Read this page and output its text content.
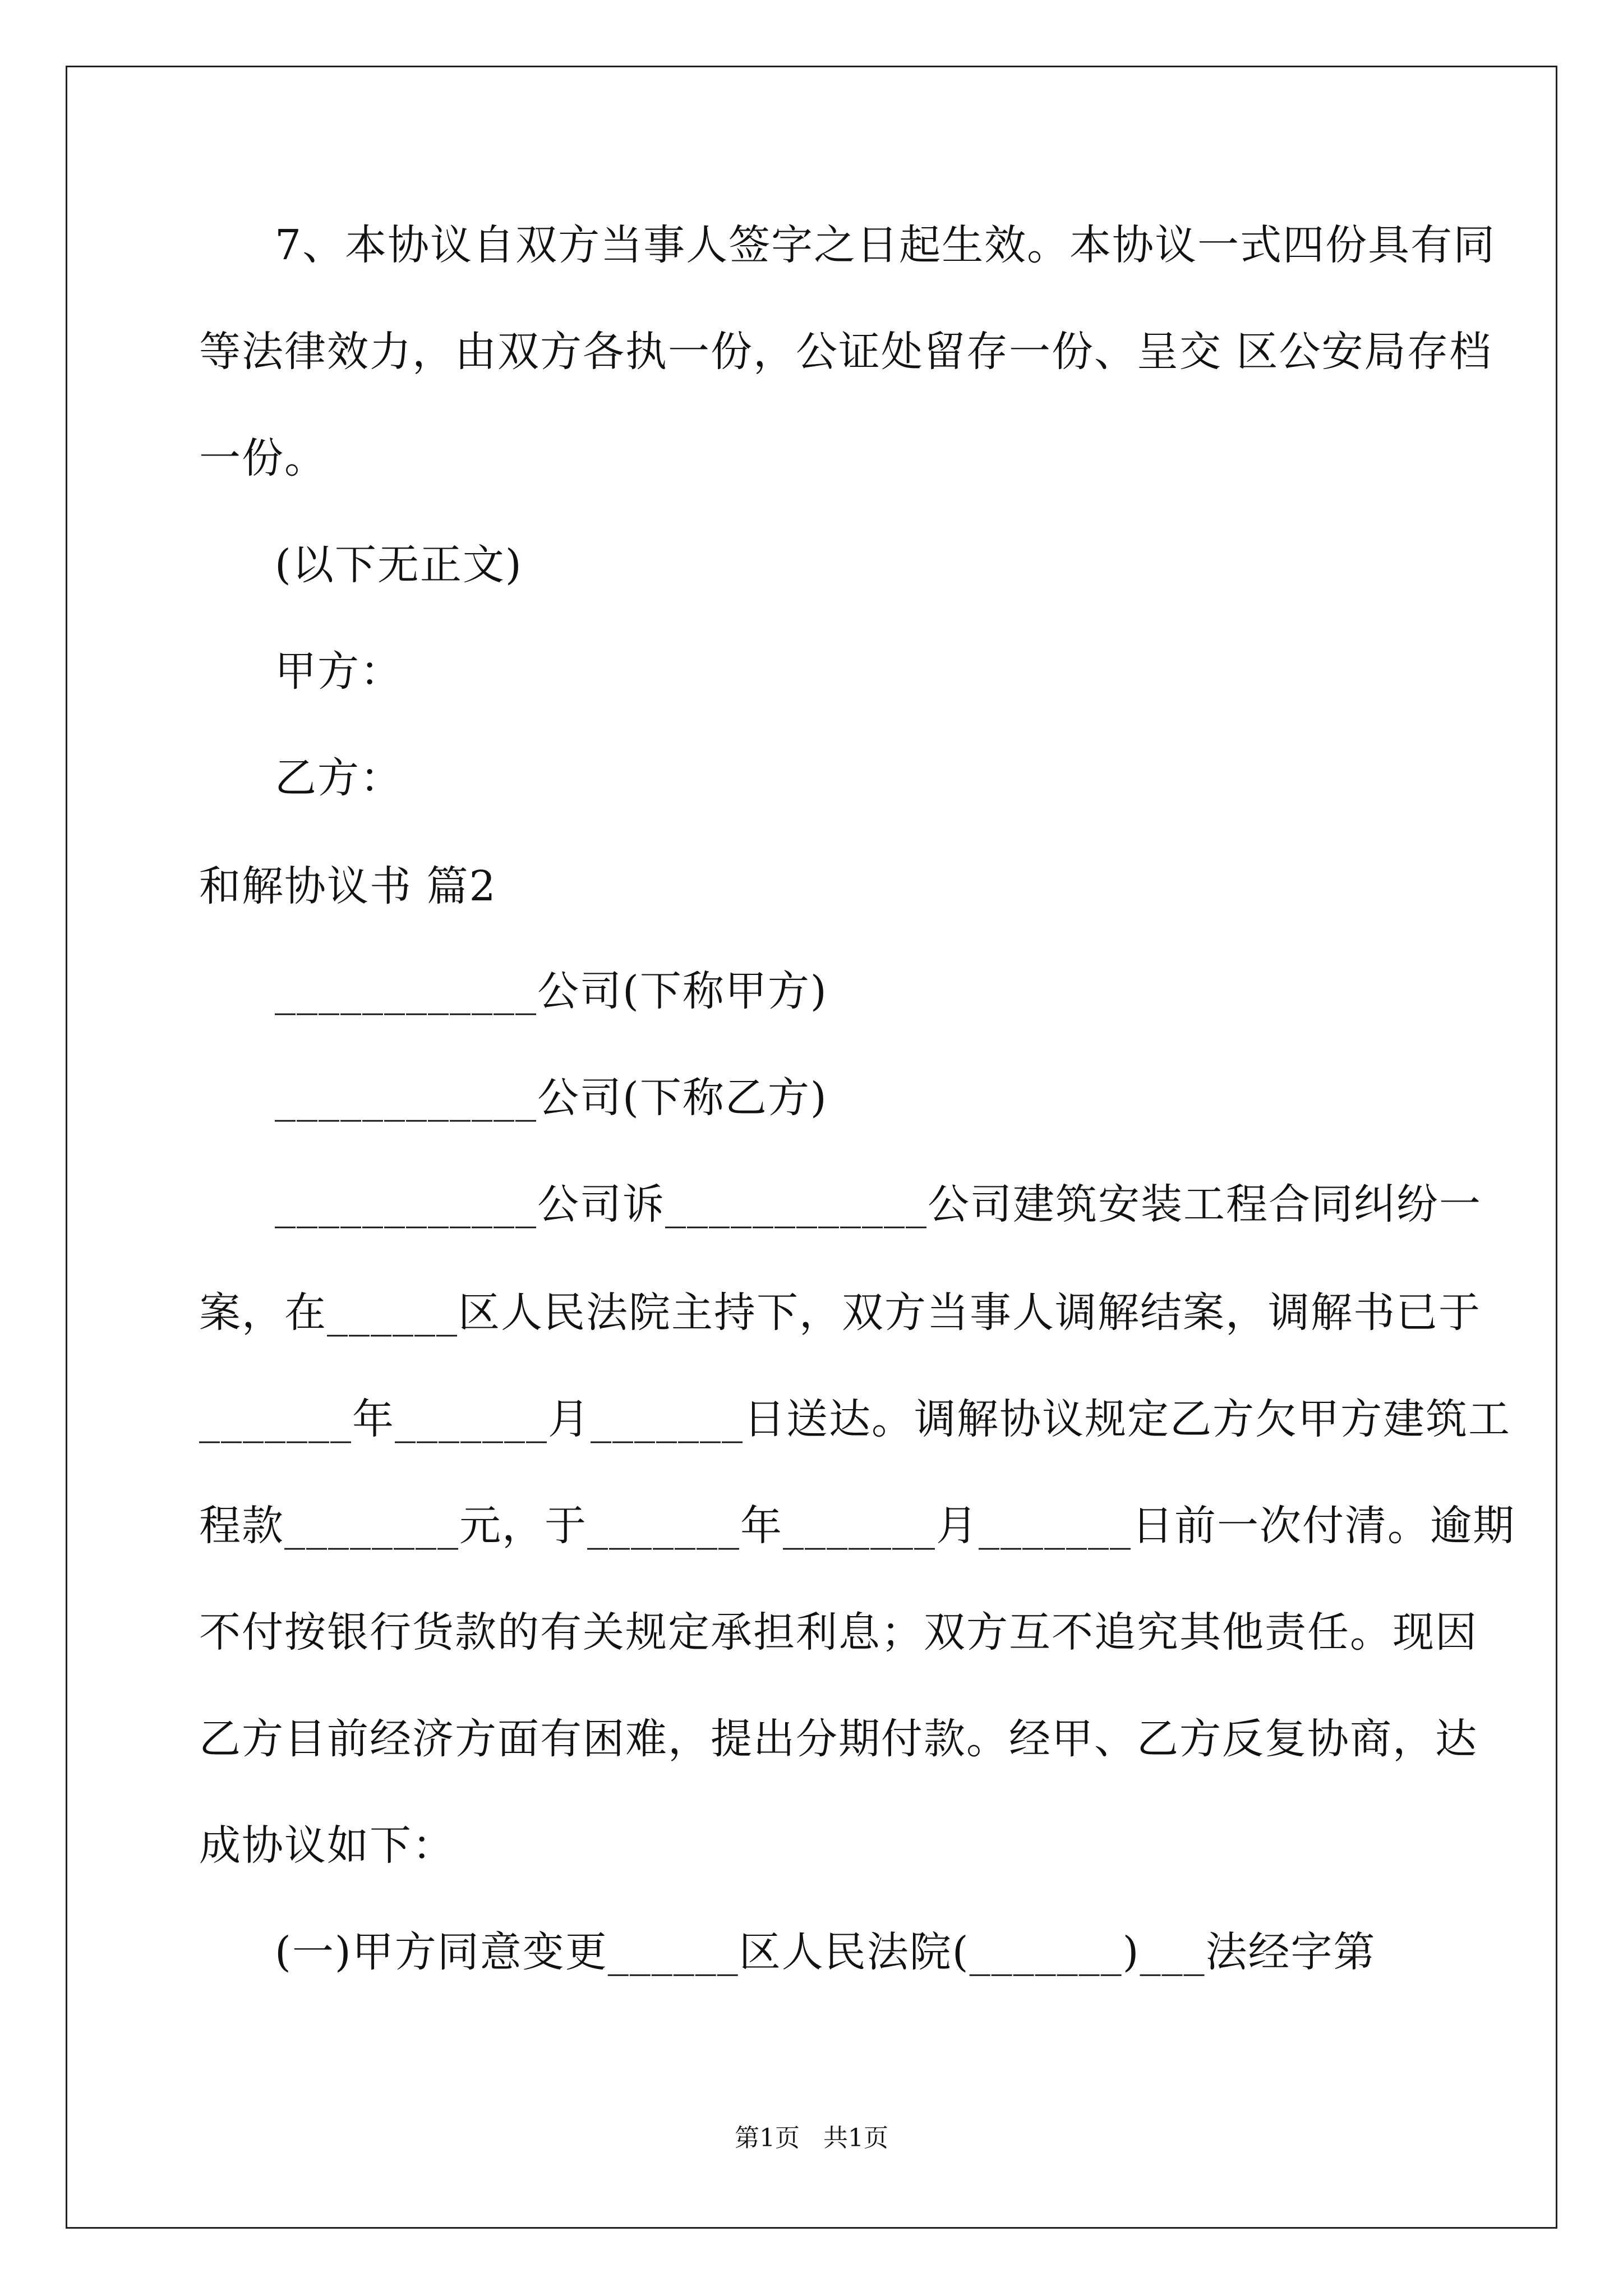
7、本协议自双方当事人签字之日起生效。本协议一式四份具有同
等法律效力，由双方各执一份，公证处留存一份、呈交 区公安局存档
一份。
(以下无正文)
甲方：
乙方：
和解协议书 篇2
____________公司(下称甲方)
____________公司(下称乙方)
____________公司诉____________公司建筑安装工程合同纠纷一
案，在______区人民法院主持下，双方当事人调解结案，调解书已于
_______年_______月_______日送达。调解协议规定乙方欠甲方建筑工
程款________元，于_______年_______月_______日前一次付清。逾期
不付按银行货款的有关规定承担利息；双方互不追究其他责任。现因
乙方目前经济方面有困难，提出分期付款。经甲、乙方反复协商，达
成协议如下：
(一)甲方同意变更______区人民法院(_______)___法经字第
第1页   共1页
